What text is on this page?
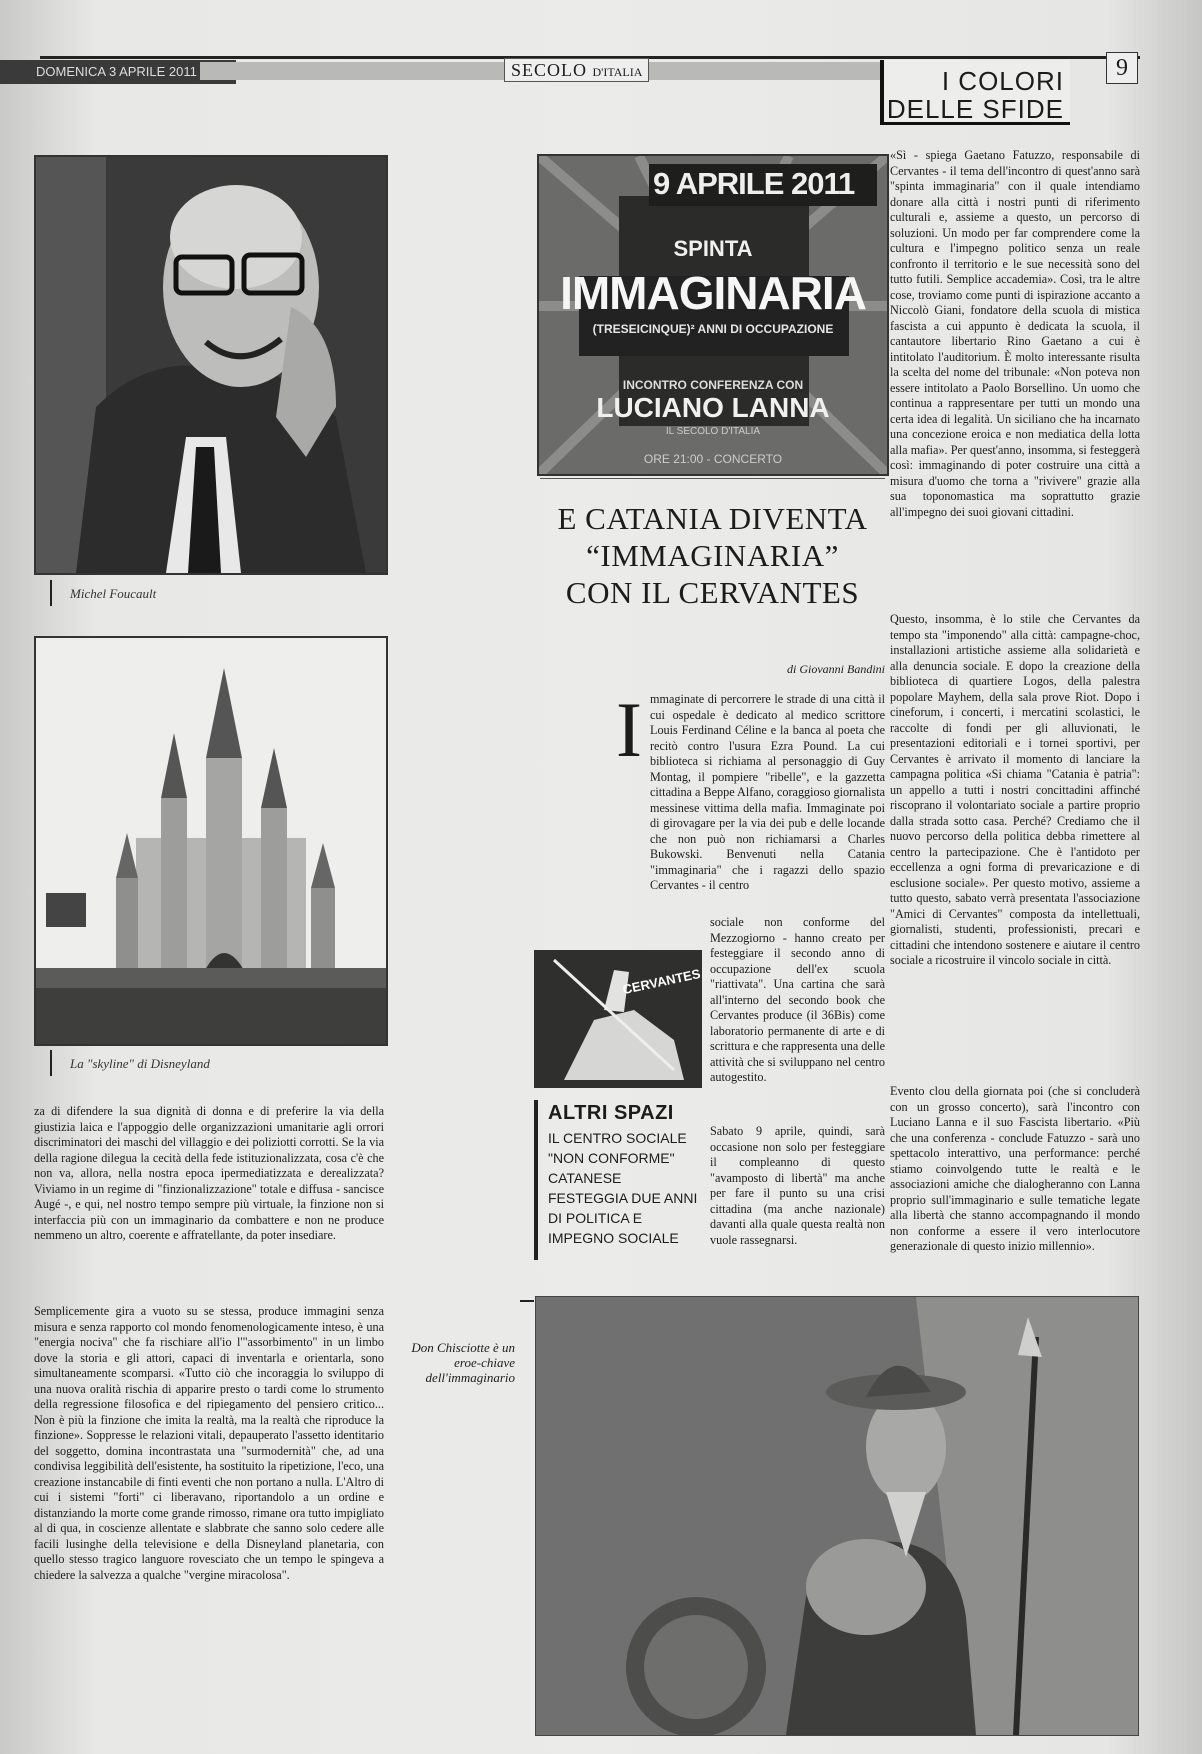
DOMENICA 3 APRILE 2011	SECOLO D'ITALIA	I COLORI
DELLE SFIDE
9
Michel Foucault
La "skyline" di Disneyland

za di difendere la sua dignità di donna e di preferire la via della giustizia laica e l'appoggio delle organizzazioni umanitarie agli orrori discriminatori dei maschi del villaggio e dei poliziotti corrotti. Se la via della ragione dilegua la cecità della fede istituzionalizzata, cosa c'è che non va, allora, nella nostra epoca ipermediatizzata e derealizzata? Viviamo in un regime di "finzionalizzazione" totale e diffusa - sancisce Augé -, e qui, nel nostro tempo sempre più virtuale, la finzione non si interfaccia più con un immaginario da combattere e non ne produce nemmeno un altro, coerente e affratellante, da poter insediare.

Semplicemente gira a vuoto su se stessa, produce immagini senza misura e senza rapporto col mondo fenomenologicamente inteso, è una "energia nociva" che fa rischiare all'io l'"assorbimento" in un limbo dove la storia e gli attori, capaci di inventarla e orientarla, sono simultaneamente scomparsi. «Tutto ciò che incoraggia lo sviluppo di una nuova oralità rischia di apparire presto o tardi come lo strumento della regressione filosofica e del ripiegamento del pensiero critico... Non è più la finzione che imita la realtà, ma la realtà che riproduce la finzione». Soppresse le relazioni vitali, depauperato l'assetto identitario del soggetto, domina incontrastata una "surmodernità" che, ad una condivisa leggibilità dell'esistente, ha sostituito la ripetizione, l'eco, una creazione instancabile di finti eventi che non portano a nulla. L'Altro di cui i sistemi "forti" ci liberavano, riportandolo a un ordine e distanziando la morte come grande rimosso, rimane ora tutto impigliato al di qua, in coscienze allentate e slabbrate che sanno solo cedere alle facili lusinghe della televisione e della Disneyland planetaria, con quello stesso tragico languore rovesciato che un tempo le spingeva a chiedere la salvezza a qualche "vergine miracolosa".

9 APRILE 2011
SPINTA
IMMAGINARIA
(TRESEICINQUE)² ANNI DI OCCUPAZIONE
INCONTRO CONFERENZA CON
LUCIANO LANNA
IL SECOLO D'ITALIA
ORE 21:00 - CONCERTO
E CATANIA DIVENTA
“IMMAGINARIA”
CON IL CERVANTES
di Giovanni Bandini
I mmaginate di percorrere le strade di una città il cui ospedale è dedicato al medico scrittore Louis Ferdinand Céline e la banca al poeta che recitò contro l'usura Ezra Pound. La cui biblioteca si richiama al personaggio di Guy Montag, il pompiere "ribelle", e la gazzetta cittadina a Beppe Alfano, coraggioso giornalista messinese vittima della mafia. Immaginate poi di girovagare per la via dei pub e delle locande che non può non richiamarsi a Charles Bukowski. Benvenuti nella Catania "immaginaria" che i ragazzi dello spazio Cervantes - il centro

sociale non conforme del Mezzogiorno - hanno creato per festeggiare il secondo anno di occupazione dell'ex scuola "riattivata". Una cartina che sarà all'interno del secondo book che Cervantes produce (il 36Bis) come laboratorio permanente di arte e di scrittura e che rappresenta una delle attività che si sviluppano nel centro autogestito.

Sabato 9 aprile, quindi, sarà occasione non solo per festeggiare il compleanno di questo "avamposto di libertà" ma anche per fare il punto su una crisi cittadina (ma anche nazionale) davanti alla quale questa realtà non vuole rassegnarsi.

CERVANTES
ALTRI SPAZI
IL CENTRO SOCIALE "NON CONFORME" CATANESE FESTEGGIA DUE ANNI DI POLITICA E IMPEGNO SOCIALE

«Sì - spiega Gaetano Fatuzzo, responsabile di Cervantes - il tema dell'incontro di quest'anno sarà "spinta immaginaria" con il quale intendiamo donare alla città i nostri punti di riferimento culturali e, assieme a questo, un percorso di soluzioni. Un modo per far comprendere come la cultura e l'impegno politico senza un reale confronto il territorio e le sue necessità sono del tutto futili. Semplice accademia». Così, tra le altre cose, troviamo come punti di ispirazione accanto a Niccolò Giani, fondatore della scuola di mistica fascista a cui appunto è dedicata la scuola, il cantautore libertario Rino Gaetano a cui è intitolato l'auditorium. È molto interessante risulta la scelta del nome del tribunale: «Non poteva non essere intitolato a Paolo Borsellino. Un uomo che continua a rappresentare per tutti un mondo una certa idea di legalità. Un siciliano che ha incarnato una concezione eroica e non mediatica della lotta alla mafia». Per quest'anno, insomma, si festeggerà così: immaginando di poter costruire una città a misura d'uomo che torna a "rivivere" grazie alla sua toponomastica ma soprattutto grazie all'impegno dei suoi giovani cittadini.

Questo, insomma, è lo stile che Cervantes da tempo sta "imponendo" alla città: campagne-choc, installazioni artistiche assieme alla solidarietà e alla denuncia sociale. E dopo la creazione della biblioteca di quartiere Logos, della palestra popolare Mayhem, della sala prove Riot. Dopo i cineforum, i concerti, i mercatini scolastici, le raccolte di fondi per gli alluvionati, le presentazioni editoriali e i tornei sportivi, per Cervantes è arrivato il momento di lanciare la campagna politica «Si chiama "Catania è patria": un appello a tutti i nostri concittadini affinché riscoprano il volontariato sociale a partire proprio dalla strada sotto casa. Perché? Crediamo che il nuovo percorso della politica debba rimettere al centro la partecipazione. Che è l'antidoto per eccellenza a ogni forma di prevaricazione e di esclusione sociale». Per questo motivo, assieme a tutto questo, sabato verrà presentata l'associazione "Amici di Cervantes" composta da intellettuali, giornalisti, studenti, professionisti, precari e cittadini che intendono sostenere e aiutare il centro sociale a ricostruire il vincolo sociale in città.

Evento clou della giornata poi (che si concluderà con un grosso concerto), sarà l'incontro con Luciano Lanna e il suo Fascista libertario. «Più che una conferenza - conclude Fatuzzo - sarà uno spettacolo interattivo, una performance: perché stiamo coinvolgendo tutte le realtà e le associazioni amiche che dialogheranno con Lanna proprio sull'immaginario e sulle tematiche legate alla libertà che stanno accompagnando il mondo non conforme a essere il vero interlocutore generazionale di questo inizio millennio».

Don Chisciotte è un eroe-chiave dell'immaginario
